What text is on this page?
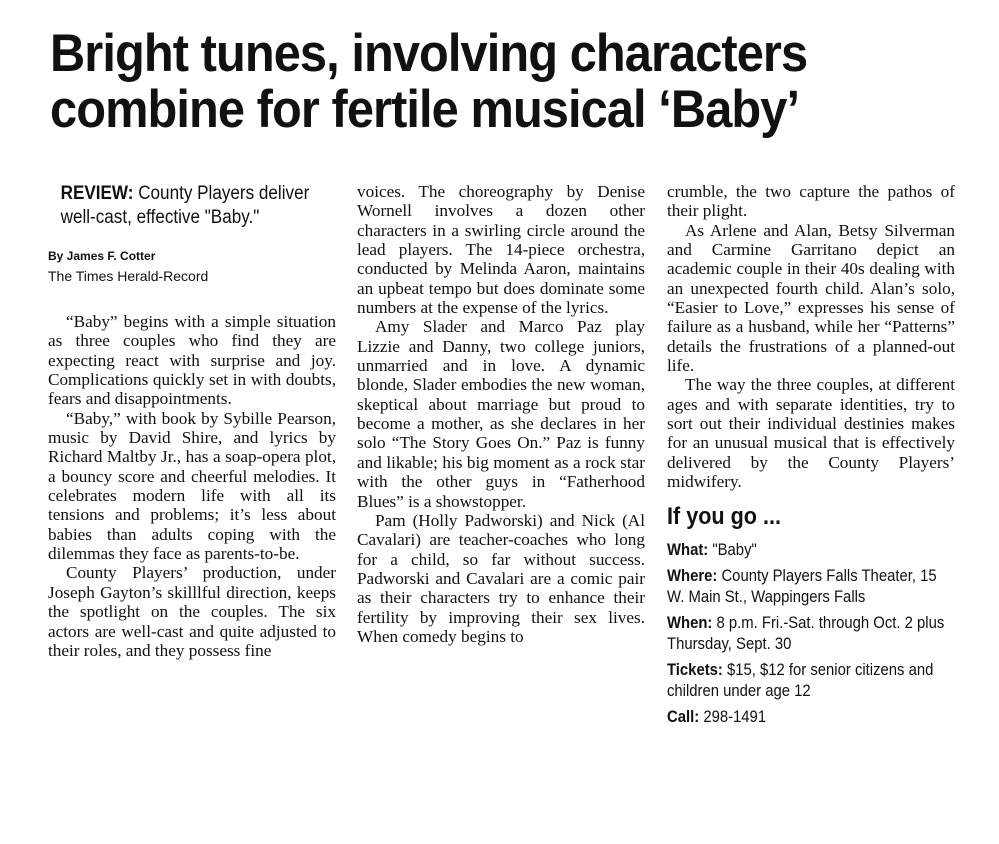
Bright tunes, involving characters combine for fertile musical ‘Baby’
REVIEW: County Players deliver well-cast, effective "Baby."
By James F. Cotter
The Times Herald-Record

“Baby” begins with a simple situation as three couples who find they are expecting react with surprise and joy. Complications quickly set in with doubts, fears and disappointments.

“Baby,” with book by Sybille Pearson, music by David Shire, and lyrics by Richard Maltby Jr., has a soap-opera plot, a bouncy score and cheerful melodies. It celebrates modern life with all its tensions and problems; it’s less about babies than adults coping with the dilemmas they face as parents-to-be.

County Players’ production, under Joseph Gayton’s skilllful direction, keeps the spotlight on the couples. The six actors are well-cast and quite adjusted to their roles, and they possess fine

voices. The choreography by Denise Wornell involves a dozen other characters in a swirling circle around the lead players. The 14-piece orchestra, conducted by Melinda Aaron, maintains an upbeat tempo but does dominate some numbers at the expense of the lyrics.

Amy Slader and Marco Paz play Lizzie and Danny, two college juniors, unmarried and in love. A dynamic blonde, Slader embodies the new woman, skeptical about marriage but proud to become a mother, as she declares in her solo “The Story Goes On.” Paz is funny and likable; his big moment as a rock star with the other guys in “Fatherhood Blues” is a showstopper.

Pam (Holly Padworski) and Nick (Al Cavalari) are teacher-coaches who long for a child, so far without success. Padworski and Cavalari are a comic pair as their characters try to enhance their fertility by improving their sex lives. When comedy begins to

crumble, the two capture the pathos of their plight.

As Arlene and Alan, Betsy Silverman and Carmine Garritano depict an academic couple in their 40s dealing with an unexpected fourth child. Alan’s solo, “Easier to Love,” expresses his sense of failure as a husband, while her “Patterns” details the frustrations of a planned-out life.

The way the three couples, at different ages and with separate identities, try to sort out their individual destinies makes for an unusual musical that is effectively delivered by the County Players’ midwifery.

If you go ...
What: "Baby"
Where: County Players Falls Theater, 15 W. Main St., Wappingers Falls
When: 8 p.m. Fri.-Sat. through Oct. 2 plus Thursday, Sept. 30
Tickets: $15, $12 for senior citizens and children under age 12
Call: 298-1491
